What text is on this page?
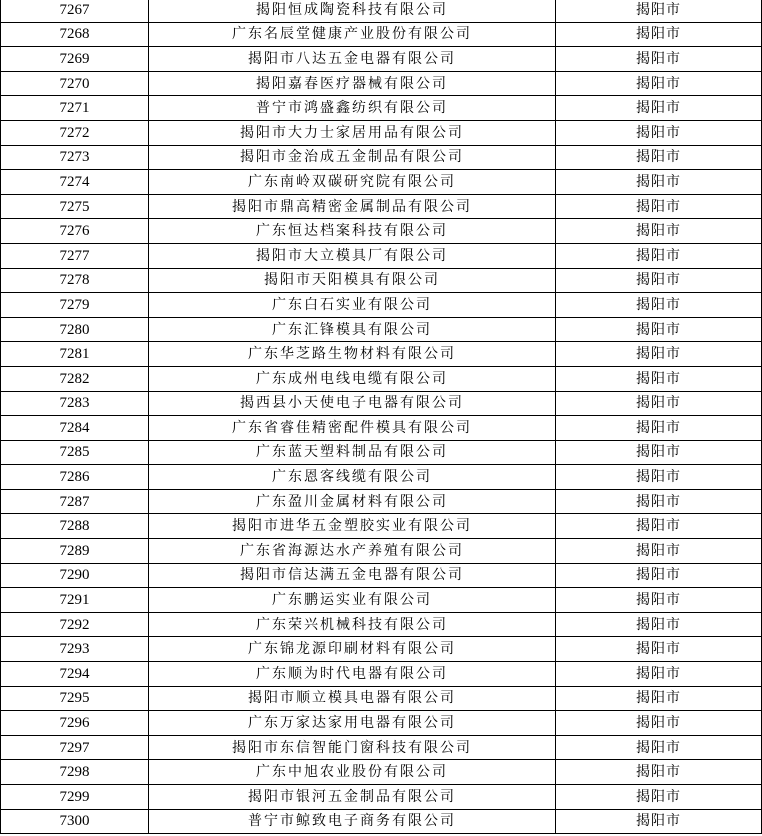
7267	揭阳恒成陶瓷科技有限公司	揭阳市
7268	广东名辰堂健康产业股份有限公司	揭阳市
7269	揭阳市八达五金电器有限公司	揭阳市
7270	揭阳嘉春医疗器械有限公司	揭阳市
7271	普宁市鸿盛鑫纺织有限公司	揭阳市
7272	揭阳市大力士家居用品有限公司	揭阳市
7273	揭阳市金治成五金制品有限公司	揭阳市
7274	广东南岭双碳研究院有限公司	揭阳市
7275	揭阳市鼎高精密金属制品有限公司	揭阳市
7276	广东恒达档案科技有限公司	揭阳市
7277	揭阳市大立模具厂有限公司	揭阳市
7278	揭阳市天阳模具有限公司	揭阳市
7279	广东白石实业有限公司	揭阳市
7280	广东汇锋模具有限公司	揭阳市
7281	广东华芝路生物材料有限公司	揭阳市
7282	广东成州电线电缆有限公司	揭阳市
7283	揭西县小天使电子电器有限公司	揭阳市
7284	广东省睿佳精密配件模具有限公司	揭阳市
7285	广东蓝天塑料制品有限公司	揭阳市
7286	广东恩客线缆有限公司	揭阳市
7287	广东盈川金属材料有限公司	揭阳市
7288	揭阳市进华五金塑胶实业有限公司	揭阳市
7289	广东省海源达水产养殖有限公司	揭阳市
7290	揭阳市信达满五金电器有限公司	揭阳市
7291	广东鹏运实业有限公司	揭阳市
7292	广东荣兴机械科技有限公司	揭阳市
7293	广东锦龙源印刷材料有限公司	揭阳市
7294	广东顺为时代电器有限公司	揭阳市
7295	揭阳市顺立模具电器有限公司	揭阳市
7296	广东万家达家用电器有限公司	揭阳市
7297	揭阳市东信智能门窗科技有限公司	揭阳市
7298	广东中旭农业股份有限公司	揭阳市
7299	揭阳市银河五金制品有限公司	揭阳市
7300	普宁市鲸致电子商务有限公司	揭阳市
